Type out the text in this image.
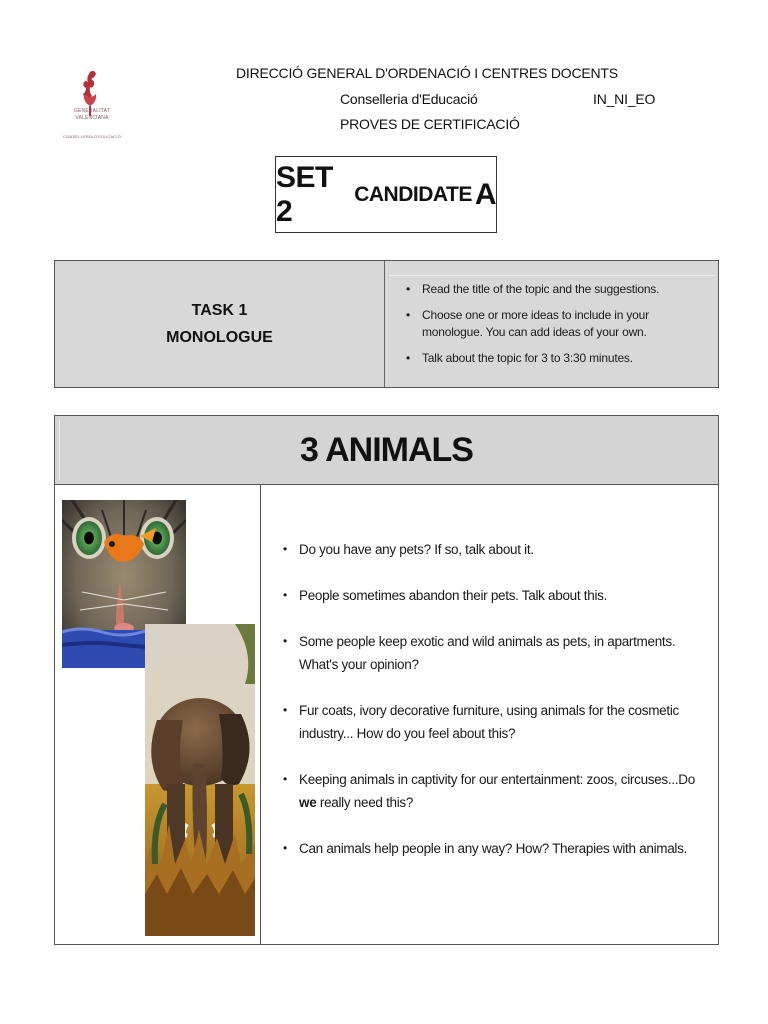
GENERALITAT
VALENCIANA
CONSELLERIA D'EDUCACIÓ
DIRECCIÓ GENERAL D'ORDENACIÓ I CENTRES DOCENTS
Conselleria d'Educació
PROVES DE CERTIFICACIÓ
IN_NI_EO
SET 2
CANDIDATE A
TASK 1
MONOLOGUE
• Read the title of the topic and the suggestions.
• Choose one or more ideas to include in your monologue. You can add ideas of your own.
• Talk about the topic for 3 to 3:30 minutes.
3 ANIMALS
• Do you have any pets? If so, talk about it.
• People sometimes abandon their pets. Talk about this.
• Some people keep exotic and wild animals as pets, in apartments. What's your opinion?
• Fur coats, ivory decorative furniture, using animals for the cosmetic industry... How do you feel about this?
• Keeping animals in captivity for our entertainment: zoos, circuses...Do we really need this?
• Can animals help people in any way? How? Therapies with animals.
